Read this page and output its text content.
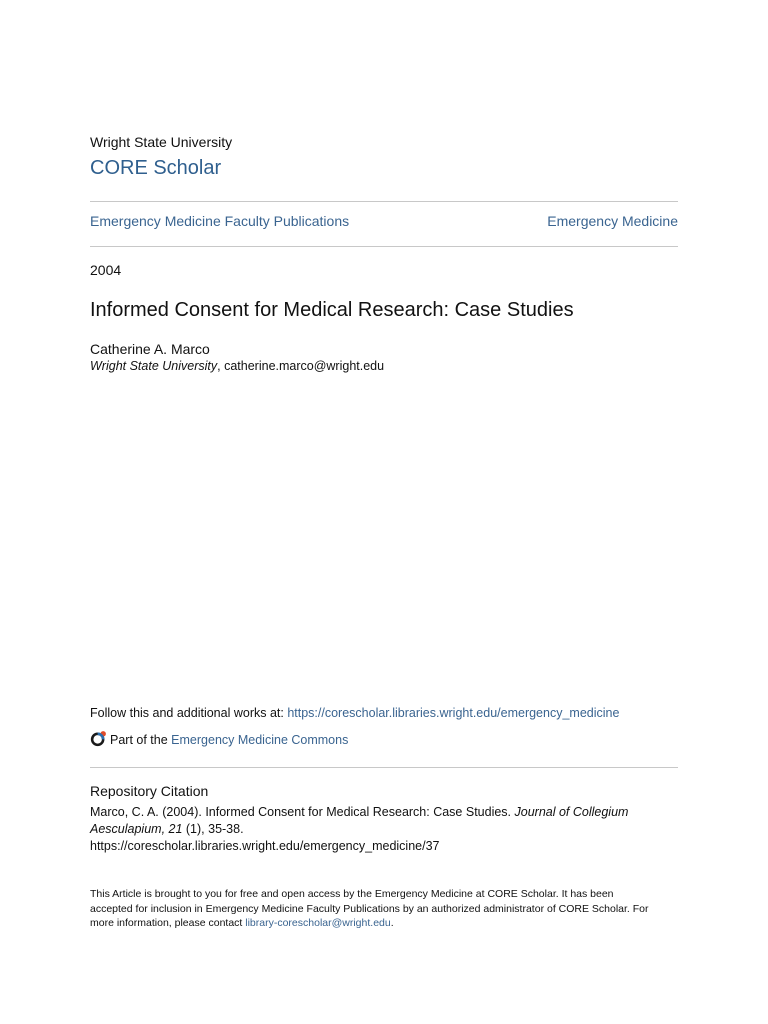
Wright State University
CORE Scholar
Emergency Medicine Faculty Publications	Emergency Medicine
2004
Informed Consent for Medical Research: Case Studies
Catherine A. Marco
Wright State University, catherine.marco@wright.edu
Follow this and additional works at: https://corescholar.libraries.wright.edu/emergency_medicine
Part of the
Emergency Medicine Commons
Repository Citation
Marco, C. A. (2004). Informed Consent for Medical Research: Case Studies. Journal of Collegium Aesculapium, 21 (1), 35-38.
https://corescholar.libraries.wright.edu/emergency_medicine/37
This Article is brought to you for free and open access by the Emergency Medicine at CORE Scholar. It has been accepted for inclusion in Emergency Medicine Faculty Publications by an authorized administrator of CORE Scholar. For more information, please contact library-corescholar@wright.edu.
